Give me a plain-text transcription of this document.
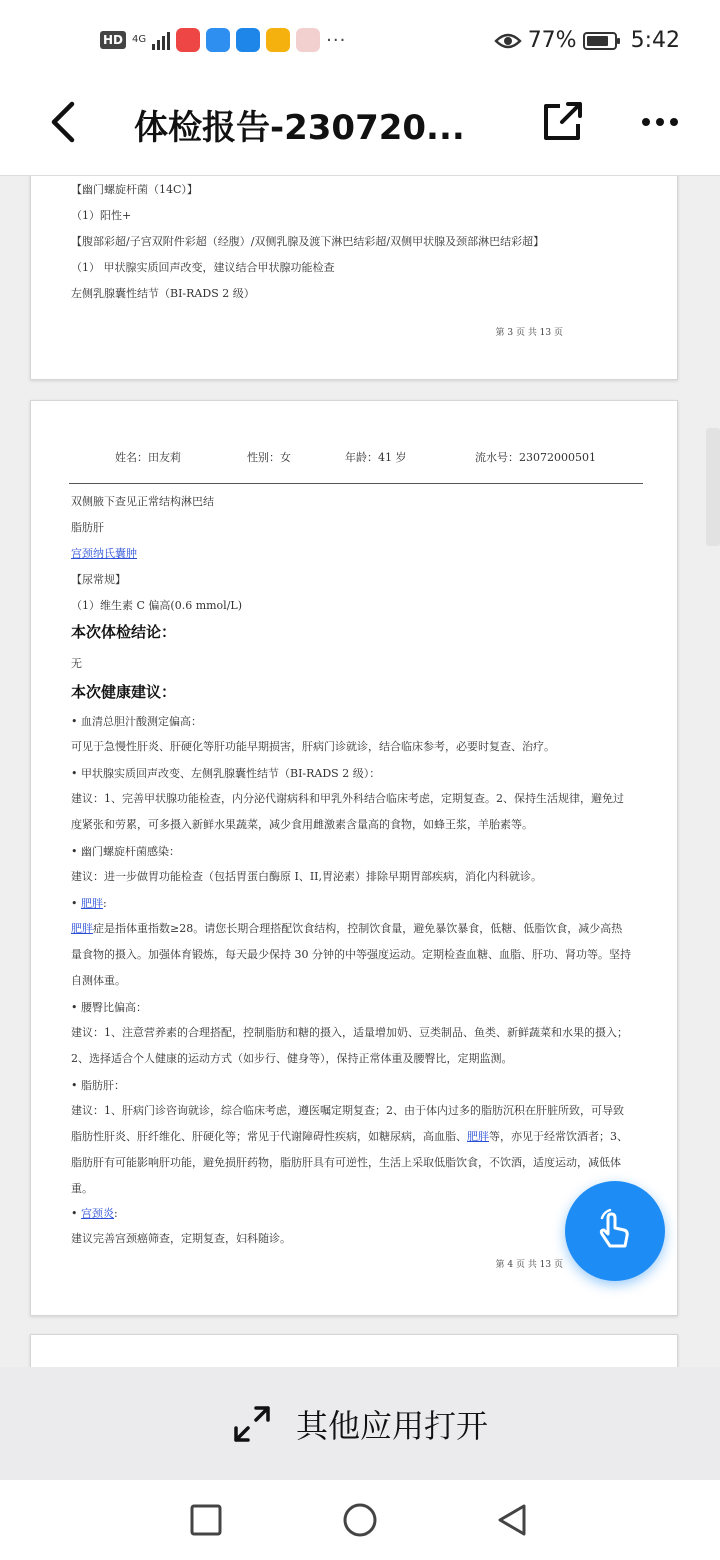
HD 4G	···	77% 5:42
体检报告-230720...
【幽门螺旋杆菌（14C）】
（1）阳性+
【腹部彩超/子宫双附件彩超（经腹）/双侧乳腺及渡下淋巴结彩超/双侧甲状腺及颈部淋巴结彩超】
（1） 甲状腺实质回声改变，建议结合甲状腺功能检查
左侧乳腺囊性结节（BI-RADS 2 级）
第 3 页 共 13 页
姓名：田友莉	性别：女	年龄：41 岁	流水号：23072000501
双侧腋下查见正常结构淋巴结
脂肪肝
宫颈纳氏囊肿
【尿常规】
（1）维生素 C 偏高(0.6 mmol/L)
本次体检结论：
无
本次健康建议：
• 血清总胆汁酸测定偏高：
可见于急慢性肝炎、肝硬化等肝功能早期损害，肝病门诊就诊，结合临床参考，必要时复查、治疗。
• 甲状腺实质回声改变、左侧乳腺囊性结节（BI-RADS 2 级）：
建议：1、完善甲状腺功能检查，内分泌代谢病科和甲乳外科结合临床考虑，定期复查。2、保持生活规律，避免过度紧张和劳累，可多摄入新鲜水果蔬菜，减少食用雌激素含量高的食物，如蜂王浆，羊胎素等。
• 幽门螺旋杆菌感染：
建议：进一步做胃功能检查（包括胃蛋白酶原 I、II,胃泌素）排除早期胃部疾病，消化内科就诊。
• 肥胖:
肥胖症是指体重指数≥28。请您长期合理搭配饮食结构，控制饮食量，避免暴饮暴食，低糖、低脂饮食，减少高热量食物的摄入。加强体育锻炼，每天最少保持 30 分钟的中等强度运动。定期检查血糖、血脂、肝功、肾功等。坚持自测体重。
• 腰臀比偏高：
建议：1、注意营养素的合理搭配，控制脂肪和糖的摄入，适量增加奶、豆类制品、鱼类、新鲜蔬菜和水果的摄入；2、选择适合个人健康的运动方式（如步行、健身等），保持正常体重及腰臀比，定期监测。
• 脂肪肝：
建议：1、肝病门诊咨询就诊，综合临床考虑，遵医嘱定期复查；2、由于体内过多的脂肪沉积在肝脏所致，可导致脂肪性肝炎、肝纤维化、肝硬化等；常见于代谢障碍性疾病，如糖尿病，高血脂、肥胖等，亦见于经常饮酒者；3、脂肪肝有可能影响肝功能，避免损肝药物，脂肪肝具有可逆性，生活上采取低脂饮食，不饮酒，适度运动，减低体重。
• 宫颈炎:
建议完善宫颈癌筛查，定期复查，妇科随诊。
第 4 页 共 13 页
其他应用打开
